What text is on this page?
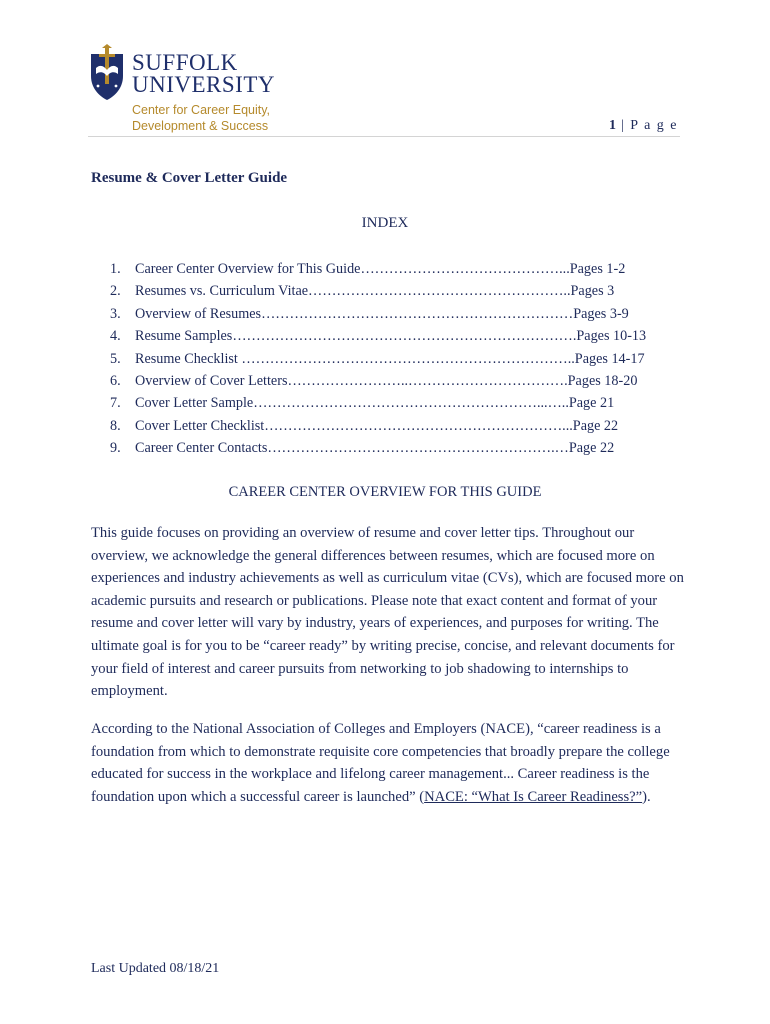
SUFFOLK
UNIVERSITY
Center for Career Equity,
Development & Success	1 | P a g e
Resume & Cover Letter Guide
INDEX
1. Career Center Overview for This Guide……………………………………...Pages 1-2
2. Resumes vs. Curriculum Vitae………………………………………………..Pages 3
3. Overview of Resumes…………………………………………………………Pages 3-9
4. Resume Samples……………………………………………………………….Pages 10-13
5. Resume Checklist ……………………………………………………………..Pages 14-17
6. Overview of Cover Letters……………………..…………………………….Pages 18-20
7. Cover Letter Sample……………………………………………………...…..Page 21
8. Cover Letter Checklist………………………………………………………...Page 22
9. Career Center Contacts…………………………………………………….…Page 22
CAREER CENTER OVERVIEW FOR THIS GUIDE

This guide focuses on providing an overview of resume and cover letter tips. Throughout our overview, we acknowledge the general differences between resumes, which are focused more on experiences and industry achievements as well as curriculum vitae (CVs), which are focused more on academic pursuits and research or publications. Please note that exact content and format of your resume and cover letter will vary by industry, years of experiences, and purposes for writing. The ultimate goal is for you to be “career ready” by writing precise, concise, and relevant documents for your field of interest and career pursuits from networking to job shadowing to internships to employment.

According to the National Association of Colleges and Employers (NACE), “career readiness is a foundation from which to demonstrate requisite core competencies that broadly prepare the college educated for success in the workplace and lifelong career management... Career readiness is the foundation upon which a successful career is launched” (NACE: “What Is Career Readiness?”).

Last Updated 08/18/21
